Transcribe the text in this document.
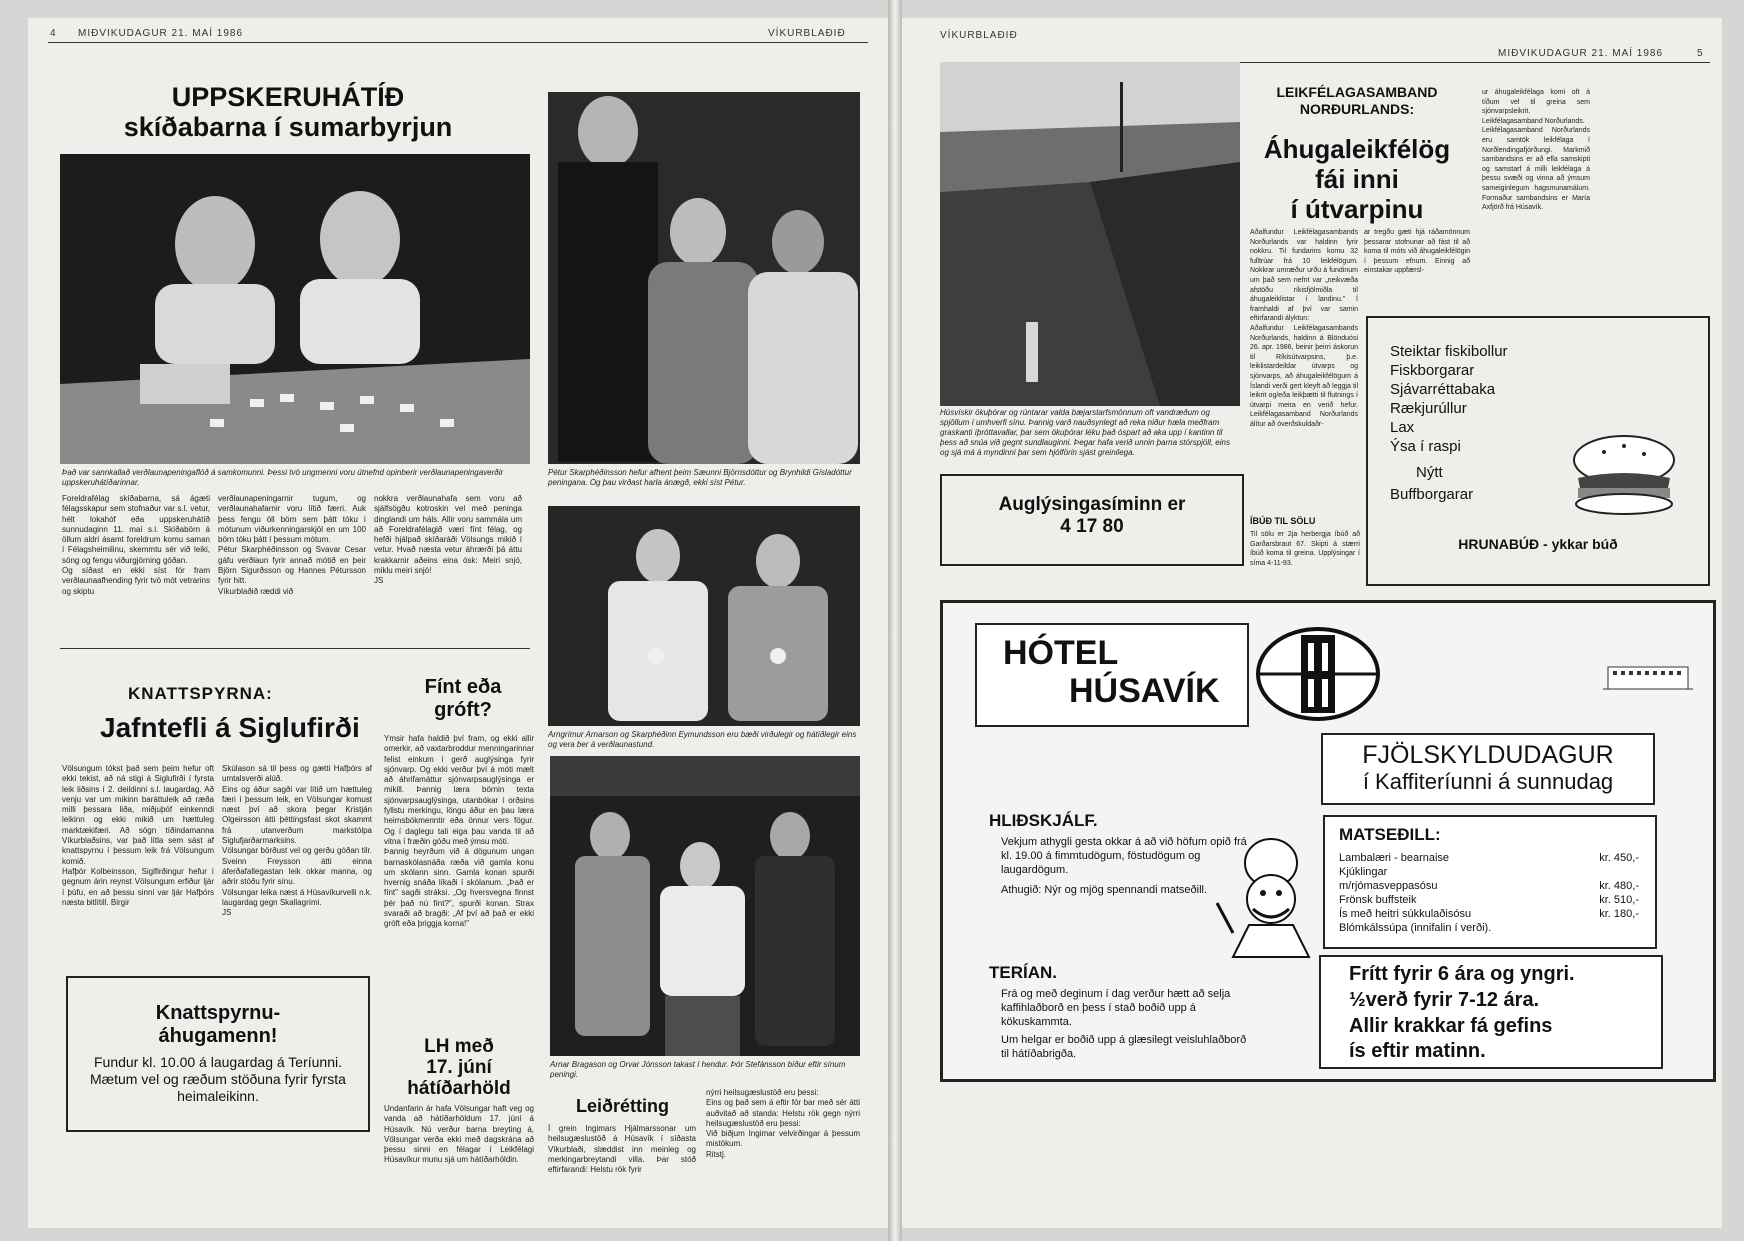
4 MIÐVIKUDAGUR 21. MAÍ 1986	VÍKURBLAÐIÐ
UPPSKERUHÁTÍÐ
skíðabarna í sumarbyrjun
Það var sannkallað verðlaunapeningaflóð á samkomunni. Þessi tvö ungmenni voru útnefnd opinberir verðlaunapeningaverðir uppskeruhátíðarinnar.
Foreldrafélag skíðabarna, sá ágæti félagsskapur sem stofnaður var s.l. vetur, hélt lokahóf eða uppskeruhátíð sunnudaginn 11. maí s.l. Skíðabörn á öllum aldri ásamt foreldrum komu saman í Félagsheimilinu, skemmtu sér við leiki, söng og fengu viðurgjörning góðan.
Og síðast en ekki síst fór fram verðlaunaafhending fyrir tvö mót vetrarins og skiptu
verðlaunapeningarnir tugum, og verðlaunahafarnir voru lítið færri. Auk þess fengu öll börn sem þátt tóku í mótunum viðurkenningarskjöl en um 100 börn tóku þátt í þessum mótum.
Pétur Skarphéðinsson og Svavar Cesar gáfu verðlaun fyrir annað mótið en þeir Björn Sigurðsson og Hannes Pétursson fyrir hitt.
Víkurblaðið ræddi við
nokkra verðlaunahafa sem voru að sjálfsögðu kotroskin vel með peninga dinglandi um háls. Allir voru sammála um að Foreldrafélagið væri fínt félag, og hefði hjálpað skíðaráði Völsungs mikið í vetur. Hvað næsta vetur áhrærði þá áttu krakkarnir aðeins eina ósk: Meiri snjó, miklu meiri snjó!
JS
Pétur Skarphéðinsson hefur afhent þeim Sæunni Björnsdóttur og Brynhildi Gísladóttur peningana. Og þau virðast harla ánægð, ekki síst Pétur.
Arngrímur Arnarson og Skarphéðinn Eymundsson eru bæði virðulegir og hátíðlegir eins og vera ber á verðlaunastund.
Arnar Bragason og Orvar Jónsson takast í hendur. Þór Stefánsson bíður eftir sínum peningi.
KNATTSPYRNA:
Jafntefli á Siglufirði
Völsungum tókst það sem þeim hefur oft ekki tekist, að ná stigi á Siglufirði í fyrsta leik liðsins í 2. deildinni s.l. laugardag. Að venju var um mikinn baráttuleik að ræða milli þessara liða, miðjuþóf einkenndi leikinn og ekki mikið um hættuleg marktækifæri. Að sögn tíðindamanna Víkurblaðsins, var það lítla sem sást af knattspyrnu í þessum leik frá Völsungum komið.
Hafþór Kolbeinsson, Siglfirðingur hefur í gegnum árin reynst Völsungum erfiður ljár í þúfu, en að þessu sinni var ljár Hafþórs næsta bitlítill. Birgir
Skúlason sá til þess og gætti Hafþórs af umtalsverði alúð.
Eins og áður sagði var lítið um hættuleg færi í þessum leik, en Völsungar komust næst því að skora þegar Kristján Olgeirsson átti þéttingsfast skot skammt frá utanverðum markstólpa Siglufjarðarmarksins.
Völsungar börðust vel og gerðu góðan tilr. Sveinn Freysson átti einna áferðafallegastan leik okkar manna, og aðrir stóðu fyrir sínu.
Völsungar leika næst á Húsavíkurvelli n.k. laugardag gegn Skallagrími.
JS
Knattspyrnu-
áhugamenn!
Fundur kl. 10.00 á laugardag á Teríunni. Mætum vel og ræðum stöðuna fyrir fyrsta heimaleikinn.
Fínt eða
gróft?
Ymsir hafa haldið því fram, og ekki allir omerkir, að vaxtarbroddur menningarinnar felist einkum í gerð auglýsinga fyrir sjónvarp. Og ekki verður því á móti mælt að áhrifamáttur sjónvarpsauglýsinga er mikill. Þannig læra börnin texta sjónvarpsauglýsinga, utanbókar í orðsins fyllstu merkingu, löngu áður en þau læra heimsbókmenntir eða önnur vers fögur. Og í daglegu tali eiga þau vanda til að vitna í fræðin góðu með ýmsu móti.
Þannig heyrðum við á dögunum ungan barnaskólasnáða ræða við gamla konu um skólann sinn. Gamla konan spurði hvernig snáða líkaði í skólanum. „Það er fínt" sagði stráksi. „Og hversvegna finnst þér það nú fínt?", spurði konan. Strax svaraði að bragði: „Af því að það er ekki gróft eða þriggja korna!"
LH með
17. júní
hátíðarhöld
Undanfarin ár hafa Völsungar haft veg og vanda að hátíðarhöldum 17. júní á Húsavík. Nú verður barna breyting á, Völsungar verða ekki með dagskrána að þessu sinni en félagar í Leikfélagi Húsavíkur munu sjá um hátíðarhöldin.
Leiðrétting
Í grein Ingimars Hjálmarssonar um heilsugæslustöð á Húsavík í síðasta Víkurblaði, slæddist inn meinleg og merkingarbreytandi villa. Þar stóð eftirfarandi: Helstu rök fyrir
nýrri heilsugæslustöð eru þessi:
Eins og það sem á eftir fór bar með sér átti auðvitað að standa: Helstu rök gegn nýrri heilsugæslustöð eru þessi:
Við biðjum Ingimar velvirðingar á þessum mistökum.
Ritstj.
VÍKURBLAÐIÐ
MIÐVIKUDAGUR 21. MAÍ 1986	5
Húsvískir ökuþórar og rúntarar valda bæjarstarfsmönnum oft vandræðum og spjöllum í umhverfi sínu. Þannig varð nauðsynlegt að reka niður hæla meðfram graskanti íþróttavallar, þar sem ökuþórar léku það óspart að aka upp í kantinn til þess að snúa við gegnt sundlauginni. Þegar hafa verið unnin þarna stórspjöll, eins og sjá má á myndinni þar sem hjólförin sjást greinilega.
LEIKFÉLAGASAMBAND
NORÐURLANDS:
Áhugaleikfélög
fái inni
í útvarpinu
Aðalfundur Leikfélagasambands Norðurlands var haldinn fyrir nokkru. Til fundarins komu 32 fulltrúar frá 10 leikfélögum. Nokkrar umræður urðu á fundinum um það sem nefnt var „neikvæða afstöðu ríkisfjölmiðla til áhugaleiklistar í landinu." Í framhaldi af því var samin eftirfarandi ályktun:
Aðalfundur Leikfélagasambands Norðurlands, haldinn á Blönduósi 26. apr. 1986, beinir þeirri áskorun til Ríkisútvarpsins, þ.e. leiklistardeildar útvarps og sjónvarps, að áhugaleikfélögum á Íslandi verði gert kleyft að leggja til leikrit og/eða leikþætti til flutnings í útvarpi meira en verið hefur. Leikfélagasamband Norðurlands álítur að óverðskuldaðr-
ar tregðu gæti hjá ráðamönnum þessarar stofnunar að fást til að koma til móts við áhugaleikfélögin í þessum efnum. Einnig að einstakar uppfærsl-
ur áhugaleikfélaga komi oft á tíðum vel til greina sem sjónvarpsleikrit.
Leikfélagasamband Norðurlands.
Leikfélagasamband Norðurlands eru samtök leikfélaga í Norðlendingafjórðungi. Markmið sambandsins er að efla samskipti og samstarf á milli leikfélaga á þessu svæði og vinna að ýmsum sameiginlegum hagsmunamálum. Formaður sambandsins er María Axfjörð frá Húsavík.
Auglýsingasíminn er
4 17 80	ÍBÚÐ TIL SÖLU
Til sölu er 2ja herbergja íbúð að Garðarsbraut 67. Skipti á stærri íbúð koma til greina. Upplýsingar í síma 4-11-93.
Steiktar fiskibollur
Fiskborgarar
Sjávarréttabaka
Rækjurúllur
Lax
Ýsa í raspi
Nýtt
Buffborgarar
HRUNABÚÐ - ykkar búð
HÓTEL
HÚSAVÍK
FJÖLSKYLDUDAGUR
í Kaffiteríunni á sunnudag
HLIÐSKJÁLF.
Vekjum athygli gesta okkar á að við höfum opið frá kl. 19.00 á fimmtudögum, föstudögum og laugardögum.
Athugið: Nýr og mjög spennandi matseðill.
MATSEÐILL:
Lambalæri - bearnaise	kr. 450,-
Kjúklingar
m/rjómasveppasósu	kr. 480,-
Frönsk buffsteik	kr. 510,-
Ís með heitri súkkulaðisósu	kr. 180,-
Blómkálssúpa (innifalin í verði).
TERÍAN.
Frá og með deginum í dag verður hætt að selja kaffihlaðborð en þess í stað boðið upp á kökuskammta.
Um helgar er boðið upp á glæsilegt veisluhlaðborð til hátíðabrigða.
Frítt fyrir 6 ára og yngri.
½verð fyrir 7-12 ára.
Allir krakkar fá gefins
ís eftir matinn.
